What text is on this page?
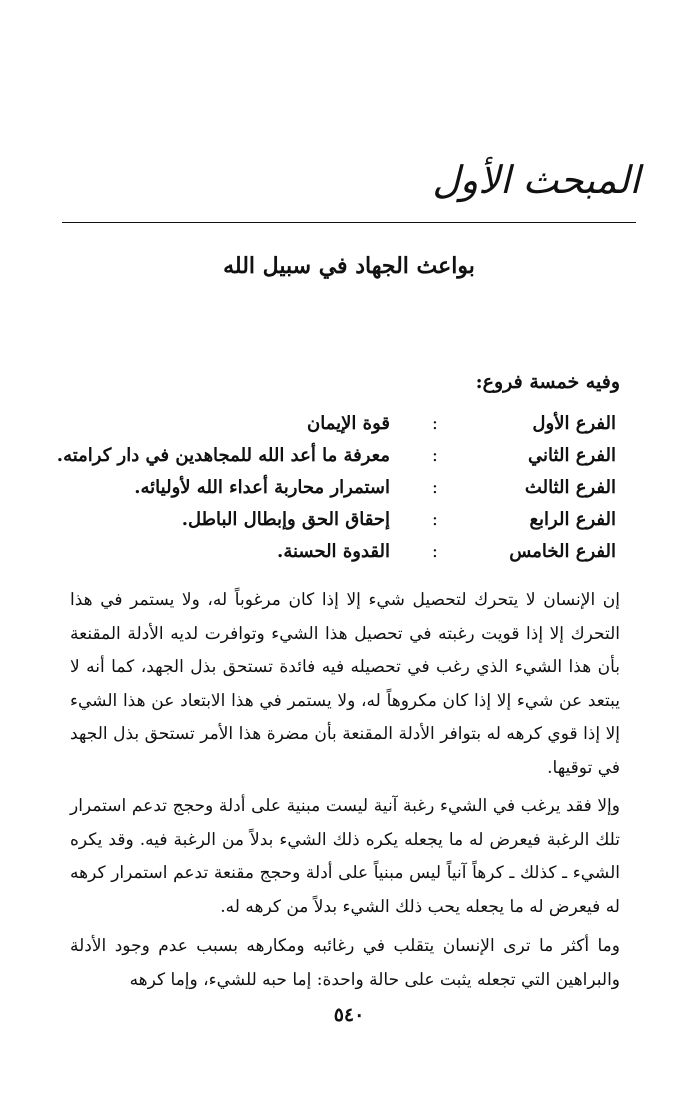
المبحث الأول
بواعث الجهاد في سبيل الله
وفيه خمسة فروع:
الفرع الأول
:
قوة الإيمان
الفرع الثاني
:
معرفة ما أعد الله للمجاهدين في دار كرامته.
الفرع الثالث
:
استمرار محاربة أعداء الله لأوليائه.
الفرع الرابع
:
إحقاق الحق وإبطال الباطل.
الفرع الخامس
:
القدوة الحسنة.

إن الإنسان لا يتحرك لتحصيل شيء إلا إذا كان مرغوباً له، ولا يستمر في هذا التحرك إلا إذا قويت رغبته في تحصيل هذا الشيء وتوافرت لديه الأدلة المقنعة بأن هذا الشيء الذي رغب في تحصيله فيه فائدة تستحق بذل الجهد، كما أنه لا يبتعد عن شيء إلا إذا كان مكروهاً له، ولا يستمر في هذا الابتعاد عن هذا الشيء إلا إذا قوي كرهه له بتوافر الأدلة المقنعة بأن مضرة هذا الأمر تستحق بذل الجهد في توقيها.

وإلا فقد يرغب في الشيء رغبة آنية ليست مبنية على أدلة وحجج تدعم استمرار تلك الرغبة فيعرض له ما يجعله يكره ذلك الشيء بدلاً من الرغبة فيه. وقد يكره الشيء ـ كذلك ـ كرهاً آنياً ليس مبنياً على أدلة وحجج مقنعة تدعم استمرار كرهه له فيعرض له ما يجعله يحب ذلك الشيء بدلاً من كرهه له.

وما أكثر ما ترى الإنسان يتقلب في رغائبه ومكارهه بسبب عدم وجود الأدلة والبراهين التي تجعله يثبت على حالة واحدة: إما حبه للشيء، وإما كرهه

٥٤٠
